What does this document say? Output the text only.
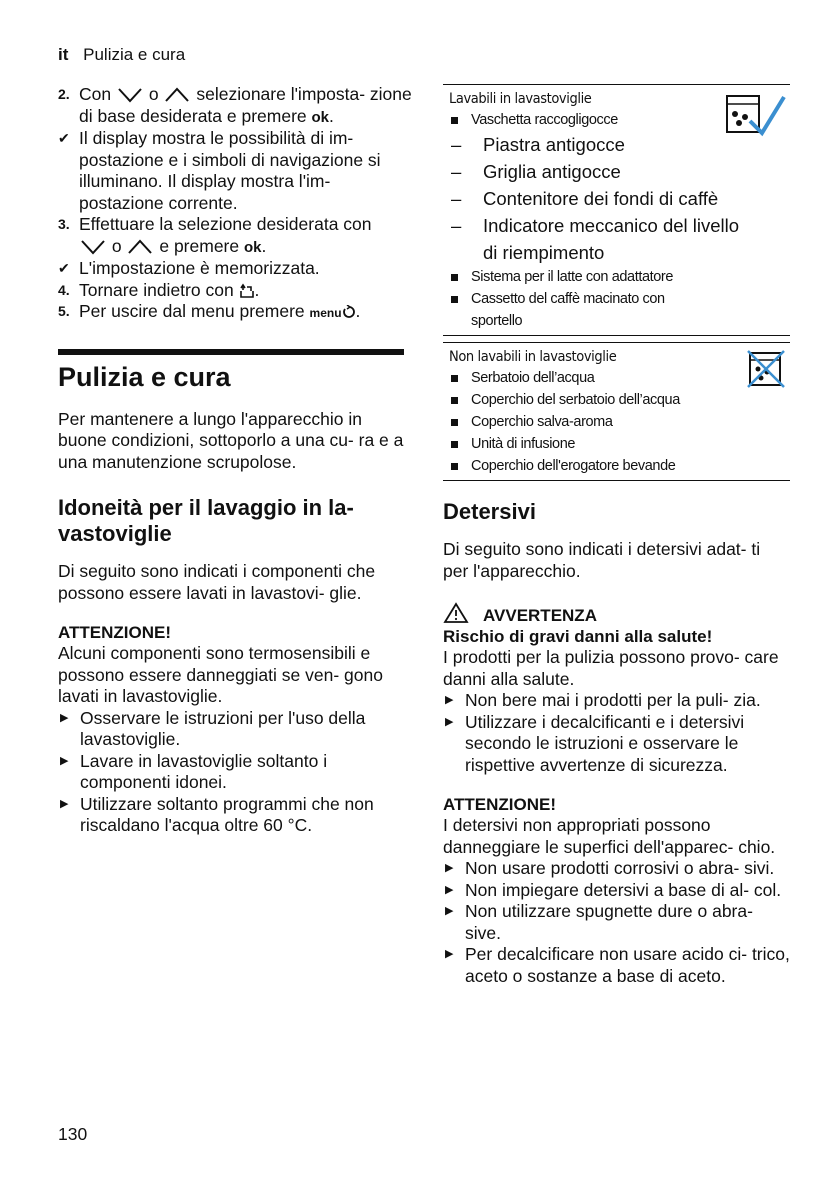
it Pulizia e cura
2. Con o selezionare l'imposta- zione di base desiderata e premere ok.
✔ Il display mostra le possibilità di im- postazione e i simboli di navigazione si illuminano. Il display mostra l'im- postazione corrente.
3. Effettuare la selezione desiderata con  o e premere ok.
✔ L'impostazione è memorizzata.
4. Tornare indietro con .
5. Per uscire dal menu premere menu .
Pulizia e cura

Per mantenere a lungo l'apparecchio in buone condizioni, sottoporlo a una cu- ra e a una manutenzione scrupolose.

Idoneità per il lavaggio in la- vastoviglie

Di seguito sono indicati i componenti che possono essere lavati in lavastovi- glie.

ATTENZIONE!

Alcuni componenti sono termosensibili e possono essere danneggiati se ven- gono lavati in lavastoviglie.

▶ Osservare le istruzioni per l'uso della lavastoviglie.
▶ Lavare in lavastoviglie soltanto i componenti idonei.
▶ Utilizzare soltanto programmi che non riscaldano l'acqua oltre 60 °C.
Lavabili in lavastoviglie
Vaschetta raccogligocce
– Piastra antigocce
– Griglia antigocce
– Contenitore dei fondi di caffè
– Indicatore meccanico del livello di riempimento
Sistema per il latte con adattatore
Cassetto del caffè macinato con sportello
Non lavabili in lavastoviglie
Serbatoio dell’acqua
Coperchio del serbatoio dell’acqua
Coperchio salva-aroma
Unità di infusione
Coperchio dell'erogatore bevande
Detersivi

Di seguito sono indicati i detersivi adat- ti per l'apparecchio.

AVVERTENZA

Rischio di gravi danni alla salute!

I prodotti per la pulizia possono provo- care danni alla salute.

▶ Non bere mai i prodotti per la puli- zia.
▶ Utilizzare i decalcificanti e i detersivi secondo le istruzioni e osservare le rispettive avvertenze di sicurezza.

ATTENZIONE!

I detersivi non appropriati possono danneggiare le superfici dell'apparec- chio.

▶ Non usare prodotti corrosivi o abra- sivi.
▶ Non impiegare detersivi a base di al- col.
▶ Non utilizzare spugnette dure o abra- sive.
▶ Per decalcificare non usare acido ci- trico, aceto o sostanze a base di aceto.
130
